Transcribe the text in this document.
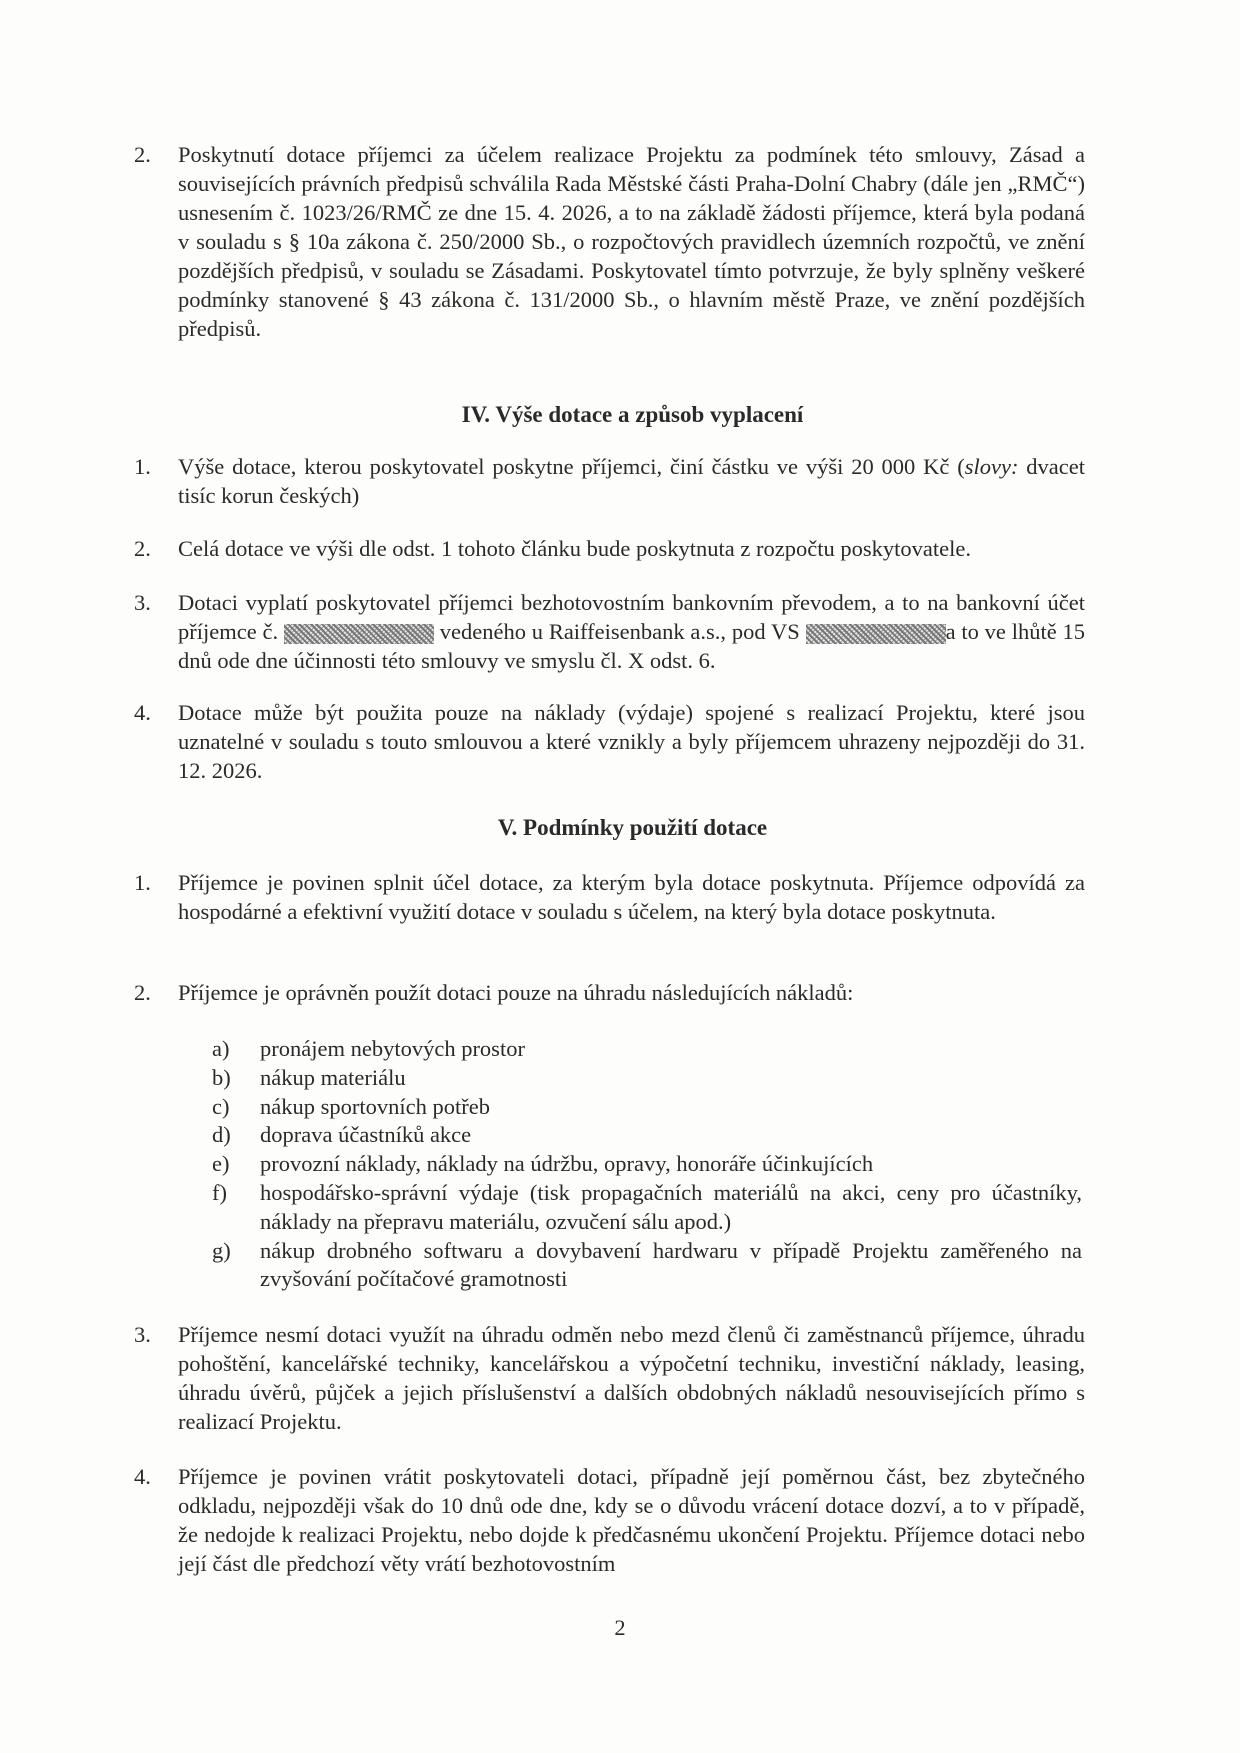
2.	Poskytnutí dotace příjemci za účelem realizace Projektu za podmínek této smlouvy, Zásad a souvisejících právních předpisů schválila Rada Městské části Praha-Dolní Chabry (dále jen „RMČ“) usnesením č. 1023/26/RMČ ze dne 15. 4. 2026, a to na základě žádosti příjemce, která byla podaná v souladu s § 10a zákona č. 250/2000 Sb., o rozpočtových pravidlech územních rozpočtů, ve znění pozdějších předpisů, v souladu se Zásadami. Poskytovatel tímto potvrzuje, že byly splněny veškeré podmínky stanovené § 43 zákona č. 131/2000 Sb., o hlavním městě Praze, ve znění pozdějších předpisů.
IV. Výše dotace a způsob vyplacení
1.	Výše dotace, kterou poskytovatel poskytne příjemci, činí částku ve výši 20 000 Kč (slovy: dvacet tisíc korun českých)
2.	Celá dotace ve výši dle odst. 1 tohoto článku bude poskytnuta z rozpočtu poskytovatele.
3.	Dotaci vyplatí poskytovatel příjemci bezhotovostním bankovním převodem, a to na bankovní účet příjemce č.	vedeného u Raiffeisenbank a.s., pod VS	a to ve lhůtě 15 dnů ode dne účinnosti této smlouvy ve smyslu čl. X odst. 6.
4.	Dotace může být použita pouze na náklady (výdaje) spojené s realizací Projektu, které jsou uznatelné v souladu s touto smlouvou a které vznikly a byly příjemcem uhrazeny nejpozději do 31. 12. 2026.
V. Podmínky použití dotace
1.	Příjemce je povinen splnit účel dotace, za kterým byla dotace poskytnuta. Příjemce odpovídá za hospodárné a efektivní využití dotace v souladu s účelem, na který byla dotace poskytnuta.
2.	Příjemce je oprávněn použít dotaci pouze na úhradu následujících nákladů:
a)	pronájem nebytových prostor
b)	nákup materiálu
c)	nákup sportovních potřeb
d)	doprava účastníků akce
e)	provozní náklady, náklady na údržbu, opravy, honoráře účinkujících
f)	hospodářsko-správní výdaje (tisk propagačních materiálů na akci, ceny pro účastníky, náklady na přepravu materiálu, ozvučení sálu apod.)
g)	nákup drobného softwaru a dovybavení hardwaru v případě Projektu zaměřeného na zvyšování počítačové gramotnosti
3.	Příjemce nesmí dotaci využít na úhradu odměn nebo mezd členů či zaměstnanců příjemce, úhradu pohoštění, kancelářské techniky, kancelářskou a výpočetní techniku, investiční náklady, leasing, úhradu úvěrů, půjček a jejich příslušenství a dalších obdobných nákladů nesouvisejících přímo s realizací Projektu.
4.	Příjemce je povinen vrátit poskytovateli dotaci, případně její poměrnou část, bez zbytečného odkladu, nejpozději však do 10 dnů ode dne, kdy se o důvodu vrácení dotace dozví, a to v případě, že nedojde k realizaci Projektu, nebo dojde k předčasnému ukončení Projektu. Příjemce dotaci nebo její část dle předchozí věty vrátí bezhotovostním
2
